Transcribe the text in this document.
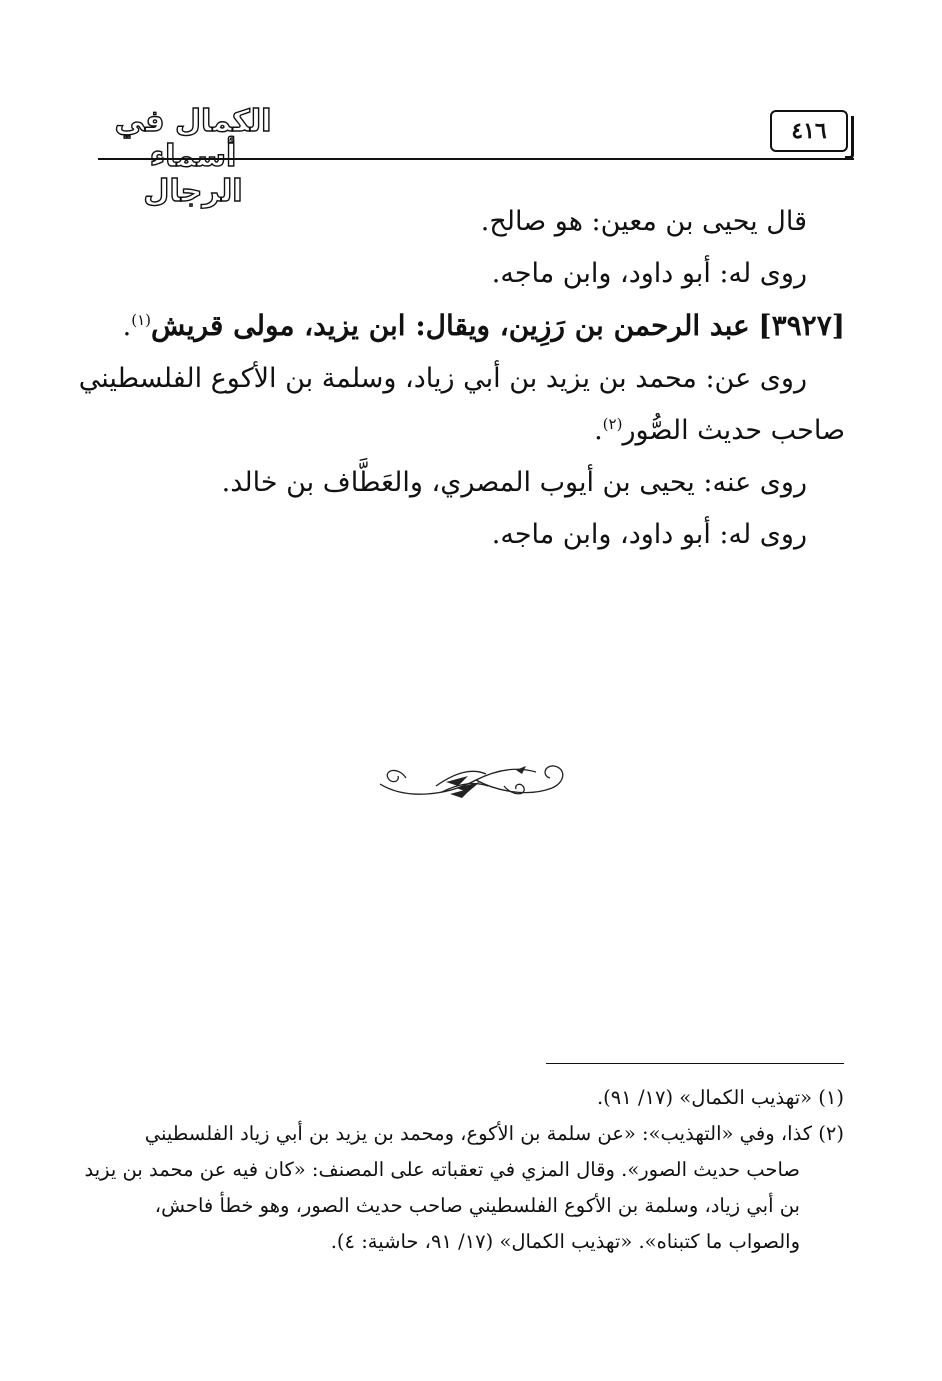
الكمال في أسماء الرجال
٤١٦
قال يحيى بن معين: هو صالح.
روى له: أبو داود، وابن ماجه.
[٣٩٢٧] عبد الرحمن بن رَزِين، ويقال: ابن يزيد، مولى قريش$^{(١)}$.
روى عن: محمد بن يزيد بن أبي زياد، وسلمة بن الأكوع الفلسطيني
صاحب حديث الصُّور$^{(٢)}$.
روى عنه: يحيى بن أيوب المصري، والعَطَّاف بن خالد.
روى له: أبو داود، وابن ماجه.
(١) «تهذيب الكمال» (١٧/ ٩١).
(٢) كذا، وفي «التهذيب»: «عن سلمة بن الأكوع، ومحمد بن يزيد بن أبي زياد الفلسطيني
صاحب حديث الصور». وقال المزي في تعقباته على المصنف: «كان فيه عن محمد بن يزيد
بن أبي زياد، وسلمة بن الأكوع الفلسطيني صاحب حديث الصور، وهو خطأ فاحش،
والصواب ما كتبناه». «تهذيب الكمال» (١٧/ ٩١، حاشية: ٤).
